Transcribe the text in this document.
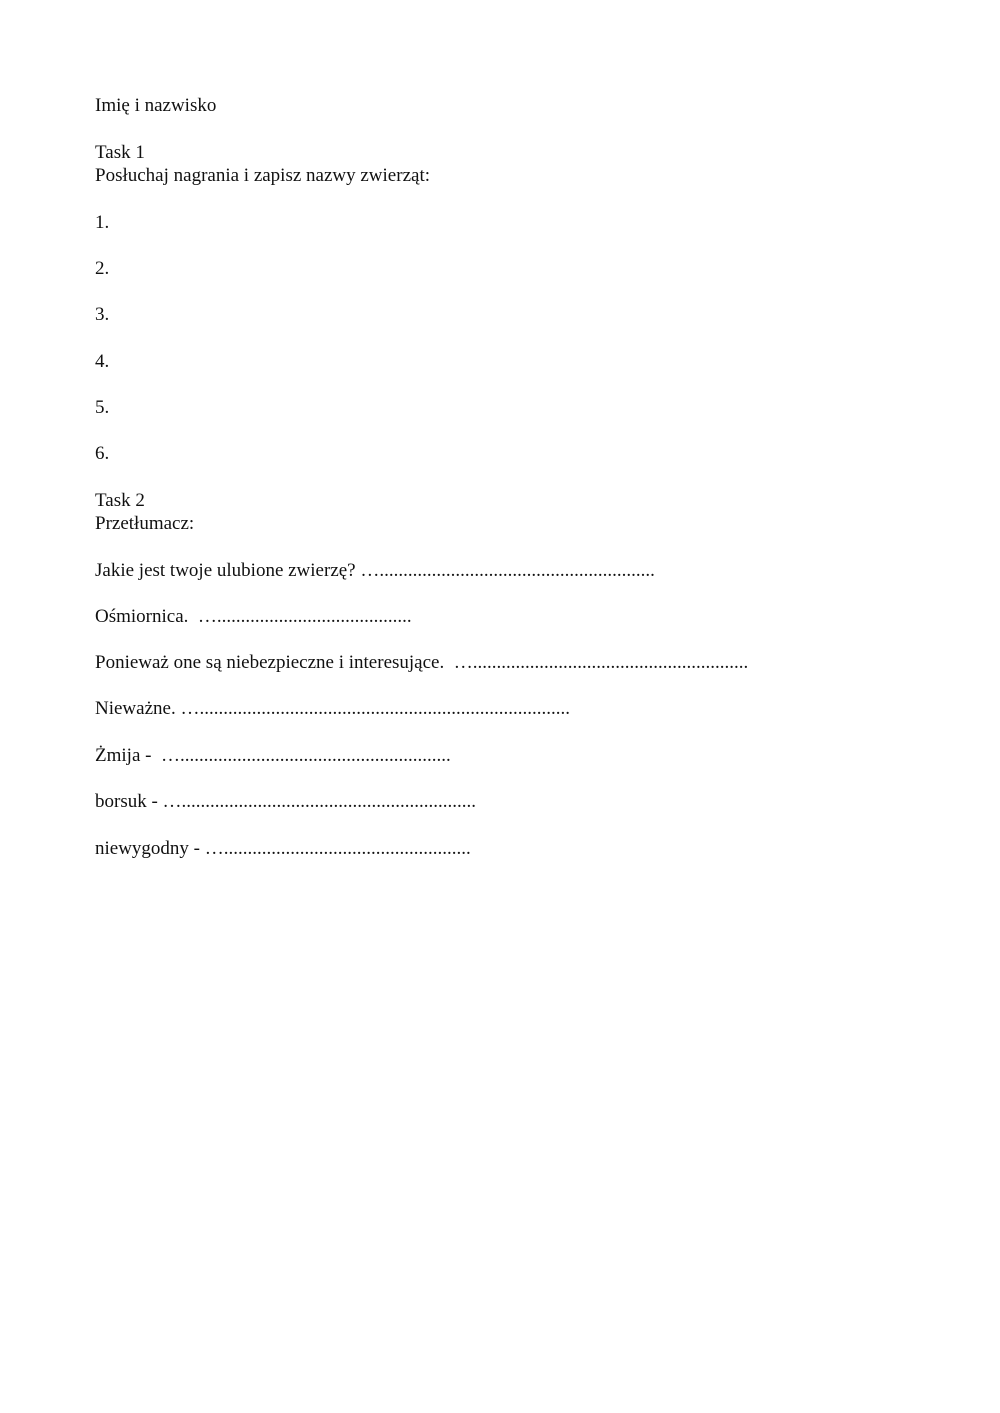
Imię i nazwisko
Task 1
Posłuchaj nagrania i zapisz nazwy zwierząt:
1.
2.
3.
4.
5.
6.
Task 2
Przetłumacz:
Jakie jest twoje ulubione zwierzę? …..........................................................
Ośmiornica.  ….........................................
Ponieważ one są niebezpieczne i interesujące.  …..........................................................
Nieważne. …..............................................................................
Żmija -  ….........................................................
borsuk - …..............................................................
niewygodny - …....................................................
